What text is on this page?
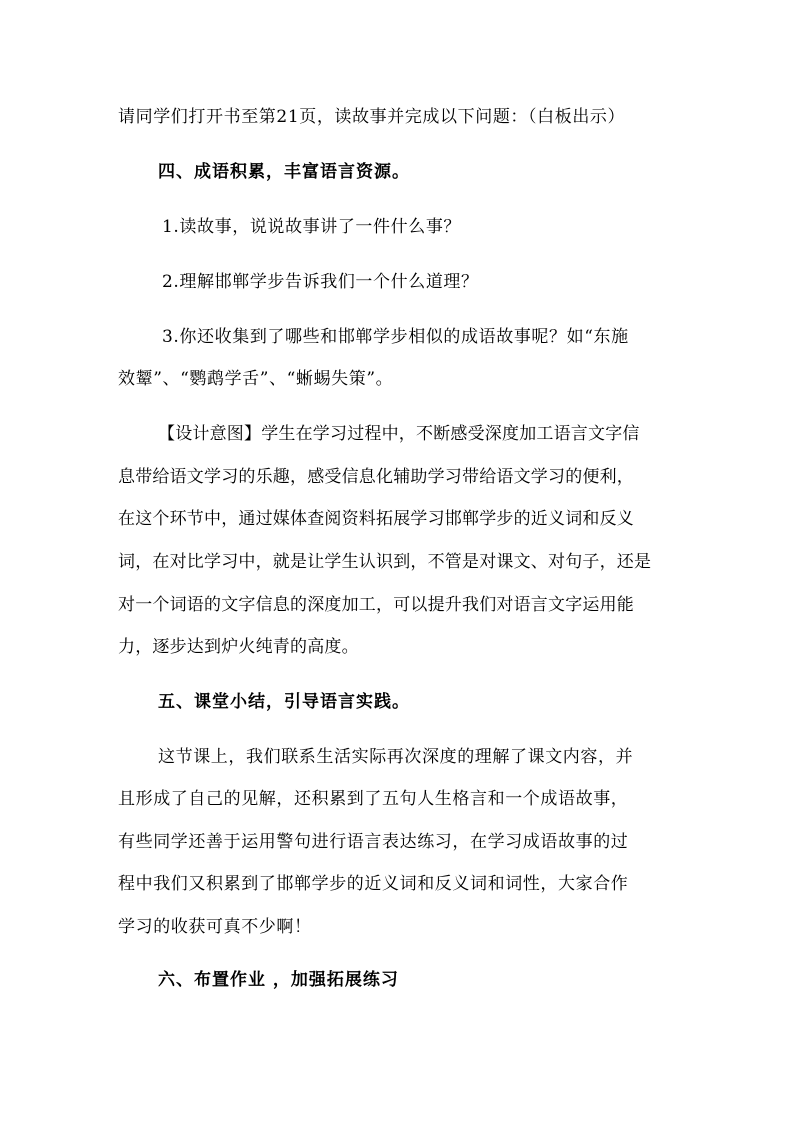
请同学们打开书至第21页，读故事并完成以下问题：（白板出示）
四、成语积累，丰富语言资源。
1.读故事，说说故事讲了一件什么事？
2.理解邯郸学步告诉我们一个什么道理？
3.你还收集到了哪些和邯郸学步相似的成语故事呢？如“东施
效颦”、“鹦鹉学舌”、“蜥蜴失策”。
【设计意图】学生在学习过程中，不断感受深度加工语言文字信
息带给语文学习的乐趣，感受信息化辅助学习带给语文学习的便利，
在这个环节中，通过媒体查阅资料拓展学习邯郸学步的近义词和反义
词，在对比学习中，就是让学生认识到，不管是对课文、对句子，还是
对一个词语的文字信息的深度加工，可以提升我们对语言文字运用能
力，逐步达到炉火纯青的高度。
五、课堂小结，引导语言实践。
这节课上，我们联系生活实际再次深度的理解了课文内容，并
且形成了自己的见解，还积累到了五句人生格言和一个成语故事，
有些同学还善于运用警句进行语言表达练习，在学习成语故事的过
程中我们又积累到了邯郸学步的近义词和反义词和词性，大家合作
学习的收获可真不少啊！
六、布置作业 ，加强拓展练习
